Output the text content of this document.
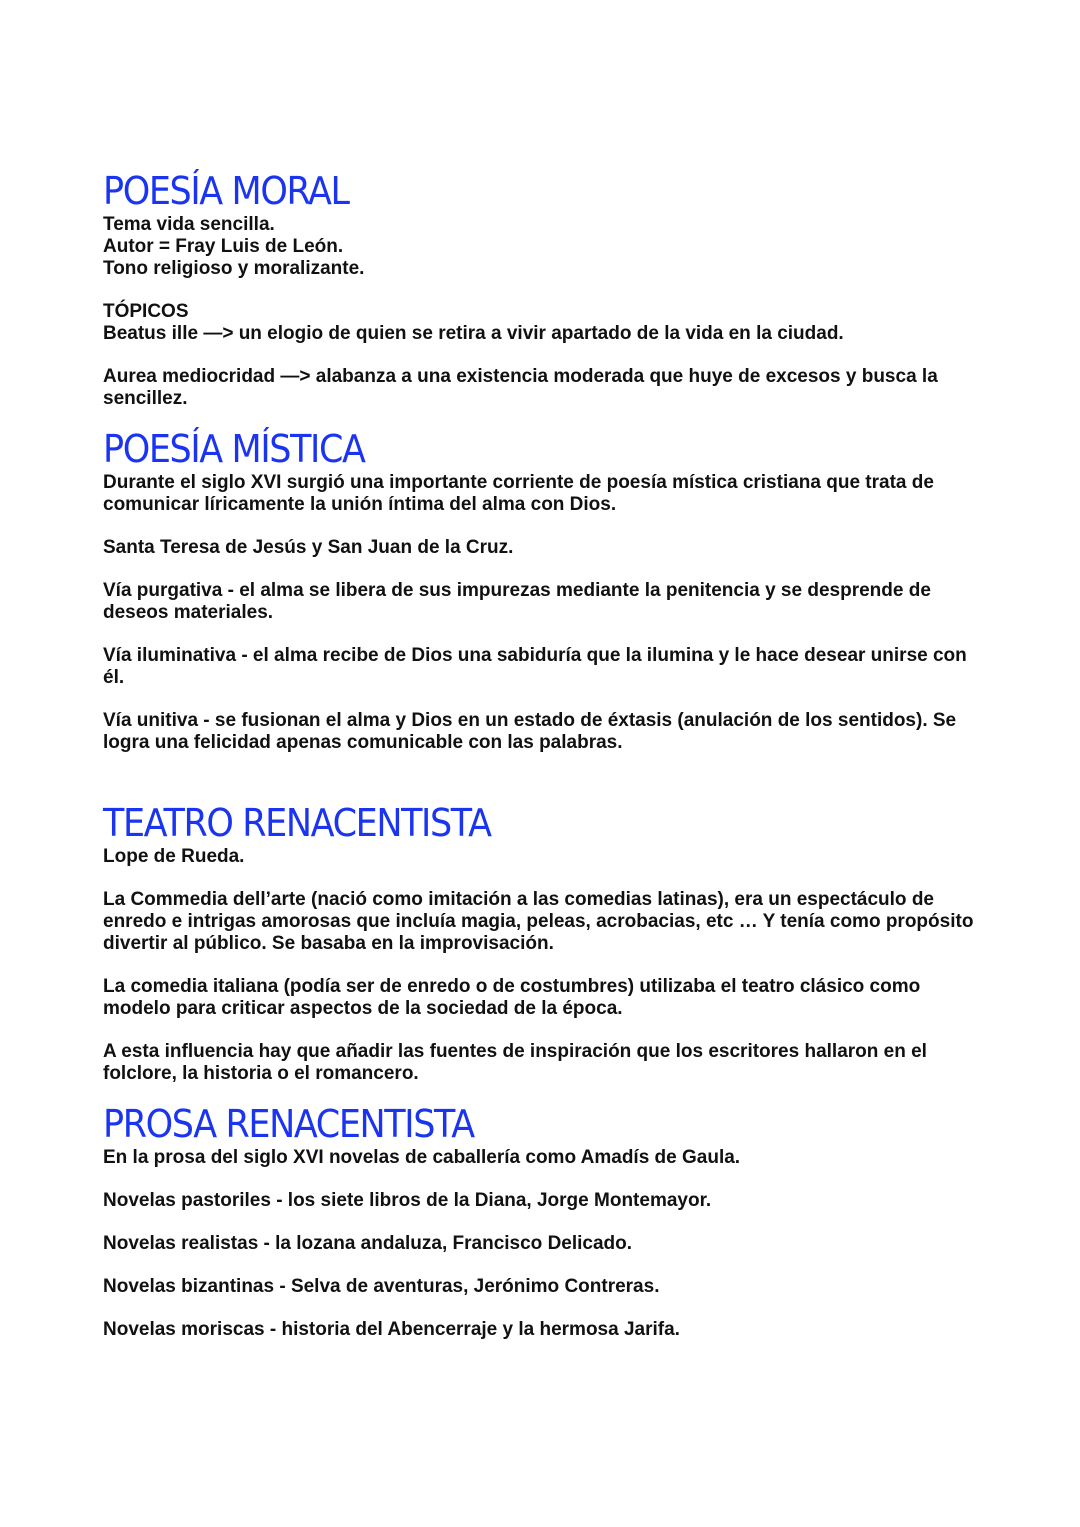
POESÍA MORAL

Tema vida sencilla.
Autor = Fray Luis de León.
Tono religioso y moralizante.

TÓPICOS
Beatus ille —> un elogio de quien se retira a vivir apartado de la vida en la ciudad.

Aurea mediocridad —> alabanza a una existencia moderada que huye de excesos y busca la sencillez.

POESÍA MÍSTICA

Durante el siglo XVI surgió una importante corriente de poesía mística cristiana que trata de comunicar líricamente la unión íntima del alma con Dios.

Santa Teresa de Jesús y San Juan de la Cruz.

Vía purgativa - el alma se libera de sus impurezas mediante la penitencia y se desprende de deseos materiales.

Vía iluminativa - el alma recibe de Dios una sabiduría que la ilumina y le hace desear unirse con él.

Vía unitiva - se fusionan el alma y Dios en un estado de éxtasis (anulación de los sentidos). Se logra una felicidad apenas comunicable con las palabras.

TEATRO RENACENTISTA

Lope de Rueda.

La Commedia dell’arte (nació como imitación a las comedias latinas), era un espectáculo de enredo e intrigas amorosas que incluía magia, peleas, acrobacias, etc … Y tenía como propósito divertir al público. Se basaba en la improvisación.

La comedia italiana (podía ser de enredo o de costumbres) utilizaba el teatro clásico como modelo para criticar aspectos de la sociedad de la época.

A esta influencia hay que añadir las fuentes de inspiración que los escritores hallaron en el folclore, la historia o el romancero.

PROSA RENACENTISTA

En la prosa del siglo XVI novelas de caballería como Amadís de Gaula.

Novelas pastoriles - los siete libros de la Diana, Jorge Montemayor.

Novelas realistas - la lozana andaluza, Francisco Delicado.

Novelas bizantinas - Selva de aventuras, Jerónimo Contreras.

Novelas moriscas - historia del Abencerraje y la hermosa Jarifa.
